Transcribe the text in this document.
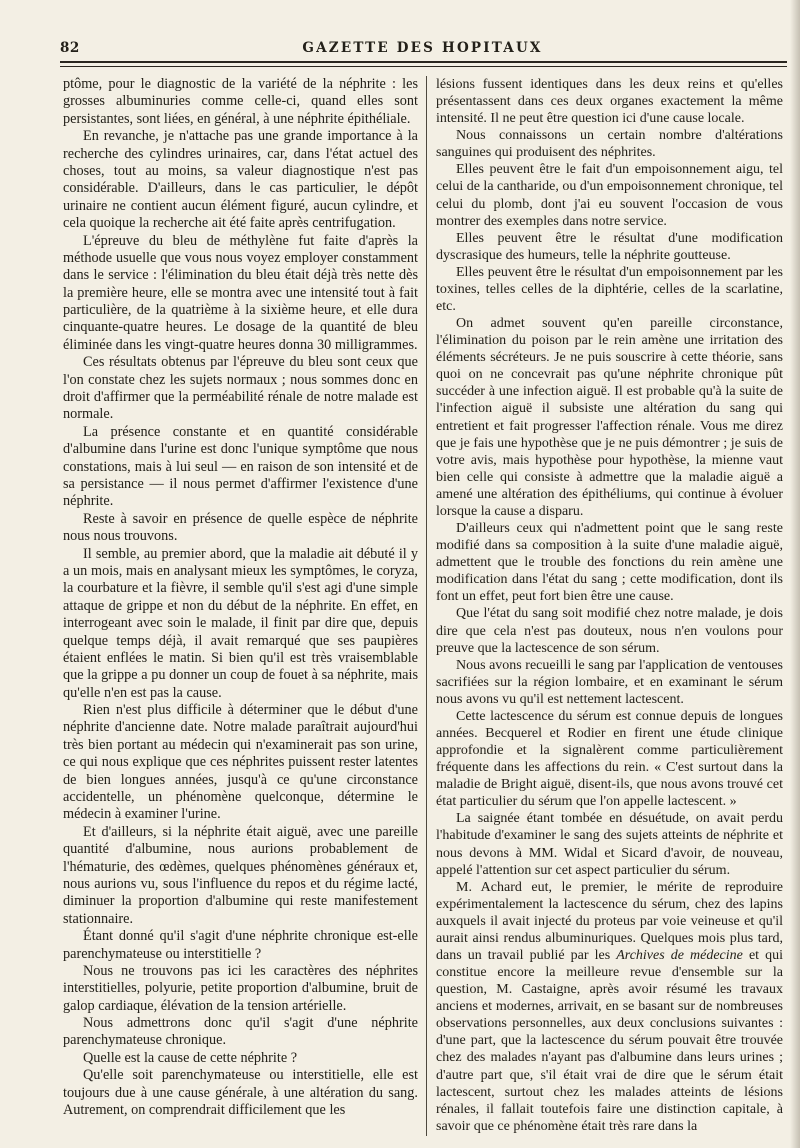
82	GAZETTE DES HOPITAUX

ptôme, pour le diagnostic de la variété de la néphrite : les grosses albuminuries comme celle-ci, quand elles sont persistantes, sont liées, en général, à une néphrite épithéliale.

En revanche, je n'attache pas une grande importance à la recherche des cylindres urinaires, car, dans l'état actuel des choses, tout au moins, sa valeur diagnostique n'est pas considérable. D'ailleurs, dans le cas particulier, le dépôt urinaire ne contient aucun élément figuré, aucun cylindre, et cela quoique la recherche ait été faite après centrifugation.

L'épreuve du bleu de méthylène fut faite d'après la méthode usuelle que vous nous voyez employer constamment dans le service : l'élimination du bleu était déjà très nette dès la première heure, elle se montra avec une intensité tout à fait particulière, de la quatrième à la sixième heure, et elle dura cinquante-quatre heures. Le dosage de la quantité de bleu éliminée dans les vingt-quatre heures donna 30 milligrammes.

Ces résultats obtenus par l'épreuve du bleu sont ceux que l'on constate chez les sujets normaux ; nous sommes donc en droit d'affirmer que la perméabilité rénale de notre malade est normale.

La présence constante et en quantité considérable d'albumine dans l'urine est donc l'unique symptôme que nous constations, mais à lui seul — en raison de son intensité et de sa persistance — il nous permet d'affirmer l'existence d'une néphrite.

Reste à savoir en présence de quelle espèce de néphrite nous nous trouvons.

Il semble, au premier abord, que la maladie ait débuté il y a un mois, mais en analysant mieux les symptômes, le coryza, la courbature et la fièvre, il semble qu'il s'est agi d'une simple attaque de grippe et non du début de la néphrite. En effet, en interrogeant avec soin le malade, il finit par dire que, depuis quelque temps déjà, il avait remarqué que ses paupières étaient enflées le matin. Si bien qu'il est très vraisemblable que la grippe a pu donner un coup de fouet à sa néphrite, mais qu'elle n'en est pas la cause.

Rien n'est plus difficile à déterminer que le début d'une néphrite d'ancienne date. Notre malade paraîtrait aujourd'hui très bien portant au médecin qui n'examinerait pas son urine, ce qui nous explique que ces néphrites puissent rester latentes de bien longues années, jusqu'à ce qu'une circonstance accidentelle, un phénomène quelconque, détermine le médecin à examiner l'urine.

Et d'ailleurs, si la néphrite était aiguë, avec une pareille quantité d'albumine, nous aurions probablement de l'hématurie, des œdèmes, quelques phénomènes généraux et, nous aurions vu, sous l'influence du repos et du régime lacté, diminuer la proportion d'albumine qui reste manifestement stationnaire.

Étant donné qu'il s'agit d'une néphrite chronique est-elle parenchymateuse ou interstitielle ?

Nous ne trouvons pas ici les caractères des néphrites interstitielles, polyurie, petite proportion d'albumine, bruit de galop cardiaque, élévation de la tension artérielle.

Nous admettrons donc qu'il s'agit d'une néphrite parenchymateuse chronique.

Quelle est la cause de cette néphrite ?

Qu'elle soit parenchymateuse ou interstitielle, elle est toujours due à une cause générale, à une altération du sang. Autrement, on comprendrait difficilement que les

lésions fussent identiques dans les deux reins et qu'elles présentassent dans ces deux organes exactement la même intensité. Il ne peut être question ici d'une cause locale.

Nous connaissons un certain nombre d'altérations sanguines qui produisent des néphrites.

Elles peuvent être le fait d'un empoisonnement aigu, tel celui de la cantharide, ou d'un empoisonnement chronique, tel celui du plomb, dont j'ai eu souvent l'occasion de vous montrer des exemples dans notre service.

Elles peuvent être le résultat d'une modification dyscrasique des humeurs, telle la néphrite goutteuse.

Elles peuvent être le résultat d'un empoisonnement par les toxines, telles celles de la diphtérie, celles de la scarlatine, etc.

On admet souvent qu'en pareille circonstance, l'élimination du poison par le rein amène une irritation des éléments sécréteurs. Je ne puis souscrire à cette théorie, sans quoi on ne concevrait pas qu'une néphrite chronique pût succéder à une infection aiguë. Il est probable qu'à la suite de l'infection aiguë il subsiste une altération du sang qui entretient et fait progresser l'affection rénale. Vous me direz que je fais une hypothèse que je ne puis démontrer ; je suis de votre avis, mais hypothèse pour hypothèse, la mienne vaut bien celle qui consiste à admettre que la maladie aiguë a amené une altération des épithéliums, qui continue à évoluer lorsque la cause a disparu.

D'ailleurs ceux qui n'admettent point que le sang reste modifié dans sa composition à la suite d'une maladie aiguë, admettent que le trouble des fonctions du rein amène une modification dans l'état du sang ; cette modification, dont ils font un effet, peut fort bien être une cause.

Que l'état du sang soit modifié chez notre malade, je dois dire que cela n'est pas douteux, nous n'en voulons pour preuve que la lactescence de son sérum.

Nous avons recueilli le sang par l'application de ventouses sacrifiées sur la région lombaire, et en examinant le sérum nous avons vu qu'il est nettement lactescent.

Cette lactescence du sérum est connue depuis de longues années. Becquerel et Rodier en firent une étude clinique approfondie et la signalèrent comme particulièrement fréquente dans les affections du rein. « C'est surtout dans la maladie de Bright aiguë, disent-ils, que nous avons trouvé cet état particulier du sérum que l'on appelle lactescent. »

La saignée étant tombée en désuétude, on avait perdu l'habitude d'examiner le sang des sujets atteints de néphrite et nous devons à MM. Widal et Sicard d'avoir, de nouveau, appelé l'attention sur cet aspect particulier du sérum.

M. Achard eut, le premier, le mérite de reproduire expérimentalement la lactescence du sérum, chez des lapins auxquels il avait injecté du proteus par voie veineuse et qu'il aurait ainsi rendus albuminuriques. Quelques mois plus tard, dans un travail publié par les Archives de médecine et qui constitue encore la meilleure revue d'ensemble sur la question, M. Castaigne, après avoir résumé les travaux anciens et modernes, arrivait, en se basant sur de nombreuses observations personnelles, aux deux conclusions suivantes : d'une part, que la lactescence du sérum pouvait être trouvée chez des malades n'ayant pas d'albumine dans leurs urines ; d'autre part que, s'il était vrai de dire que le sérum était lactescent, surtout chez les malades atteints de lésions rénales, il fallait toutefois faire une distinction capitale, à savoir que ce phénomène était très rare dans la
